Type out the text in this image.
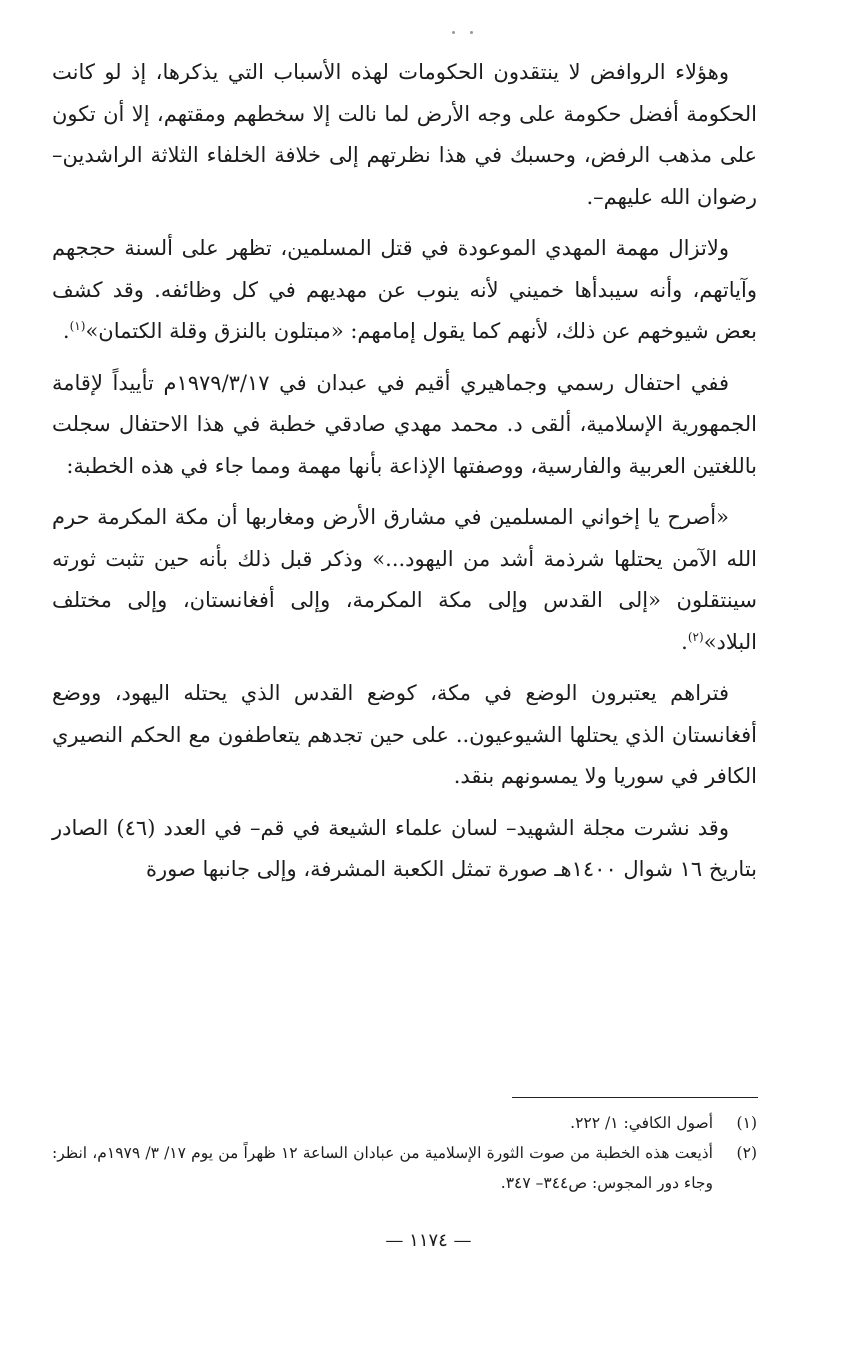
وهؤلاء الروافض لا ينتقدون الحكومات لهذه الأسباب التي يذكرها، إذ لو كانت الحكومة أفضل حكومة على وجه الأرض لما نالت إلا سخطهم ومقتهم، إلا أن تكون على مذهب الرفض، وحسبك في هذا نظرتهم إلى خلافة الخلفاء الثلاثة الراشدين–رضوان الله عليهم–.

ولاتزال مهمة المهدي الموعودة في قتل المسلمين، تظهر على ألسنة حججهم وآياتهم، وأنه سيبدأها خميني لأنه ينوب عن مهديهم في كل وظائفه. وقد كشف بعض شيوخهم عن ذلك، لأنهم كما يقول إمامهم: «مبتلون بالنزق وقلة الكتمان»$^{(١)}$.

ففي احتفال رسمي وجماهيري أقيم في عبدان في ١٩٧٩/٣/١٧م تأييداً لإقامة الجمهورية الإسلامية، ألقى د. محمد مهدي صادقي خطبة في هذا الاحتفال سجلت باللغتين العربية والفارسية، ووصفتها الإذاعة بأنها مهمة ومما جاء في هذه الخطبة:

«أصرح يا إخواني المسلمين في مشارق الأرض ومغاربها أن مكة المكرمة حرم الله الآمن يحتلها شرذمة أشد من اليهود...» وذكر قبل ذلك بأنه حين تثبت ثورته سينتقلون «إلى القدس وإلى مكة المكرمة، وإلى أفغانستان، وإلى مختلف البلاد»$^{(٢)}$.

فتراهم يعتبرون الوضع في مكة، كوضع القدس الذي يحتله اليهود، ووضع أفغانستان الذي يحتلها الشيوعيون.. على حين تجدهم يتعاطفون مع الحكم النصيري الكافر في سوريا ولا يمسونهم بنقد.

وقد نشرت مجلة الشهيد– لسان علماء الشيعة في قم– في العدد (٤٦) الصادر بتاريخ ١٦ شوال ١٤٠٠هـ صورة تمثل الكعبة المشرفة، وإلى جانبها صورة

(١)
أصول الكافي: ١/ ٢٢٢.
(٢)
أذيعت هذه الخطبة من صوت الثورة الإسلامية من عبادان الساعة ١٢ ظهراً من يوم ١٧/ ٣/ ١٩٧٩م، انظر: وجاء دور المجوس: ص٣٤٤– ٣٤٧.
— ١١٧٤ —
